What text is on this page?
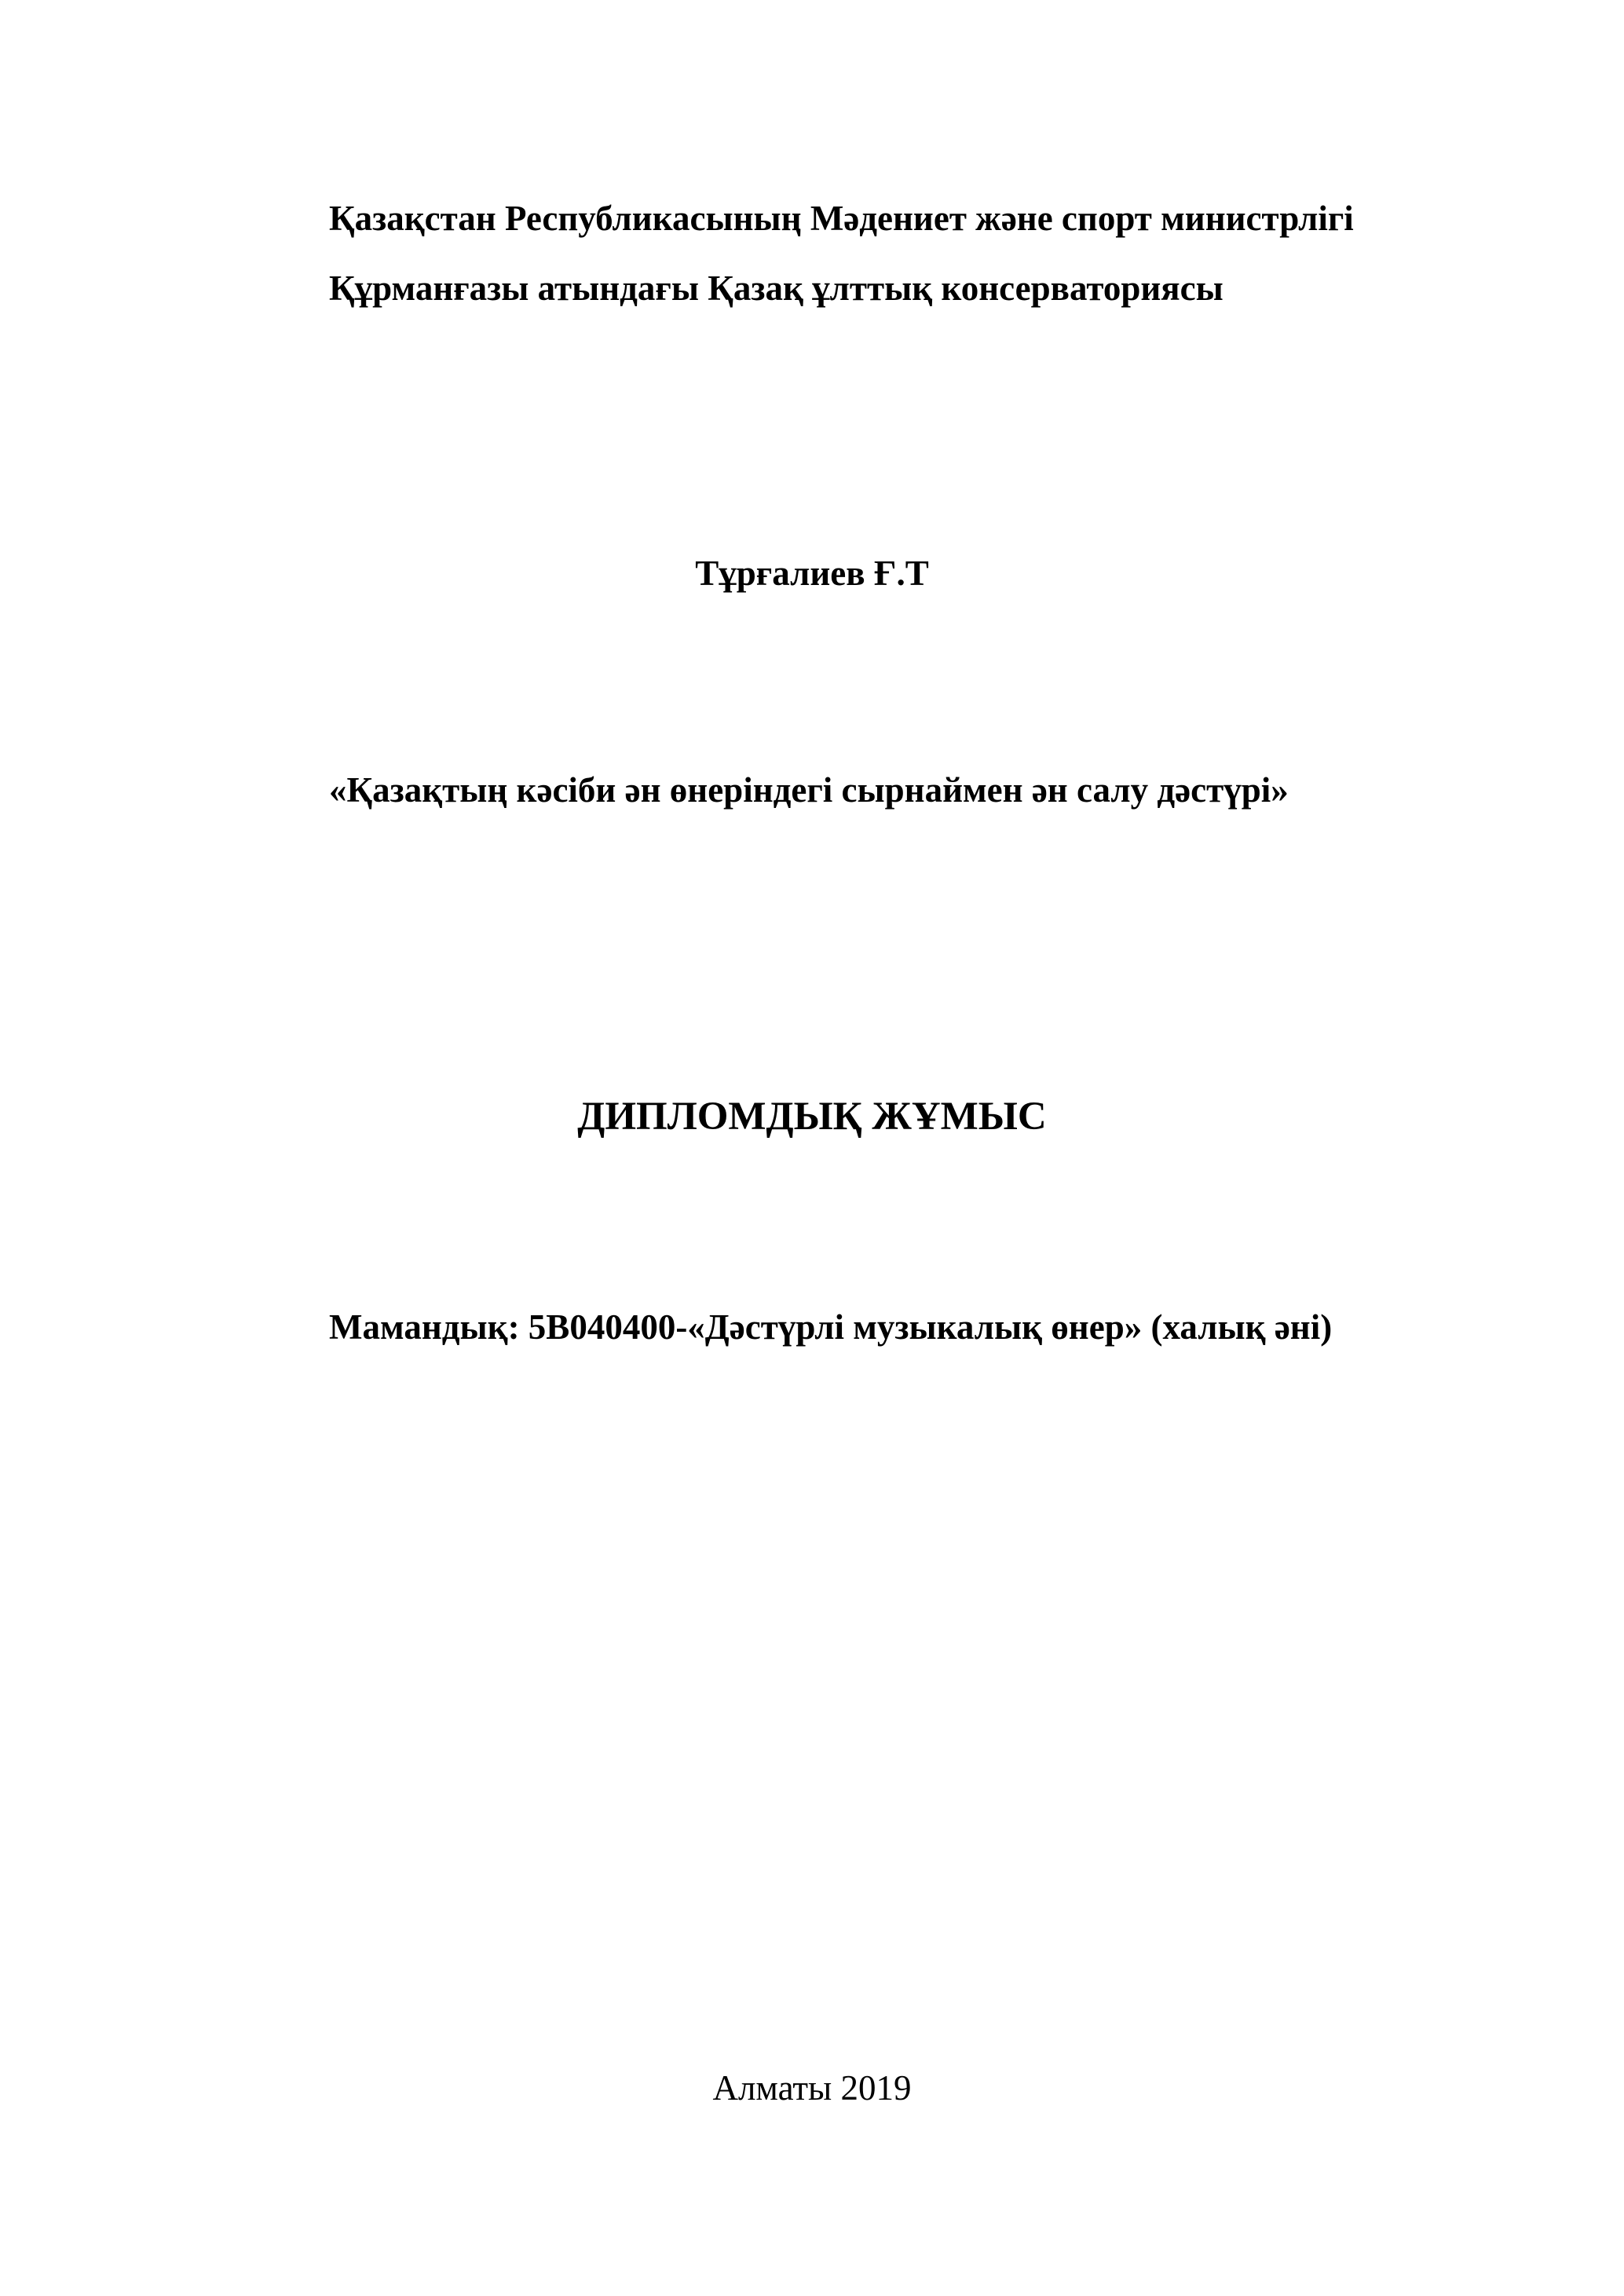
Қазақстан Республикасының Мәдениет және спорт министрлігі
Құрманғазы атындағы Қазақ ұлттық консерваториясы
Тұрғалиев Ғ.Т
«Қазақтың кәсіби ән өнеріндегі сырнаймен ән салу дәстүрі»
ДИПЛОМДЫҚ ЖҰМЫС
Мамандық: 5В040400-«Дәстүрлі музыкалық өнер» (халық әні)
Алматы 2019
